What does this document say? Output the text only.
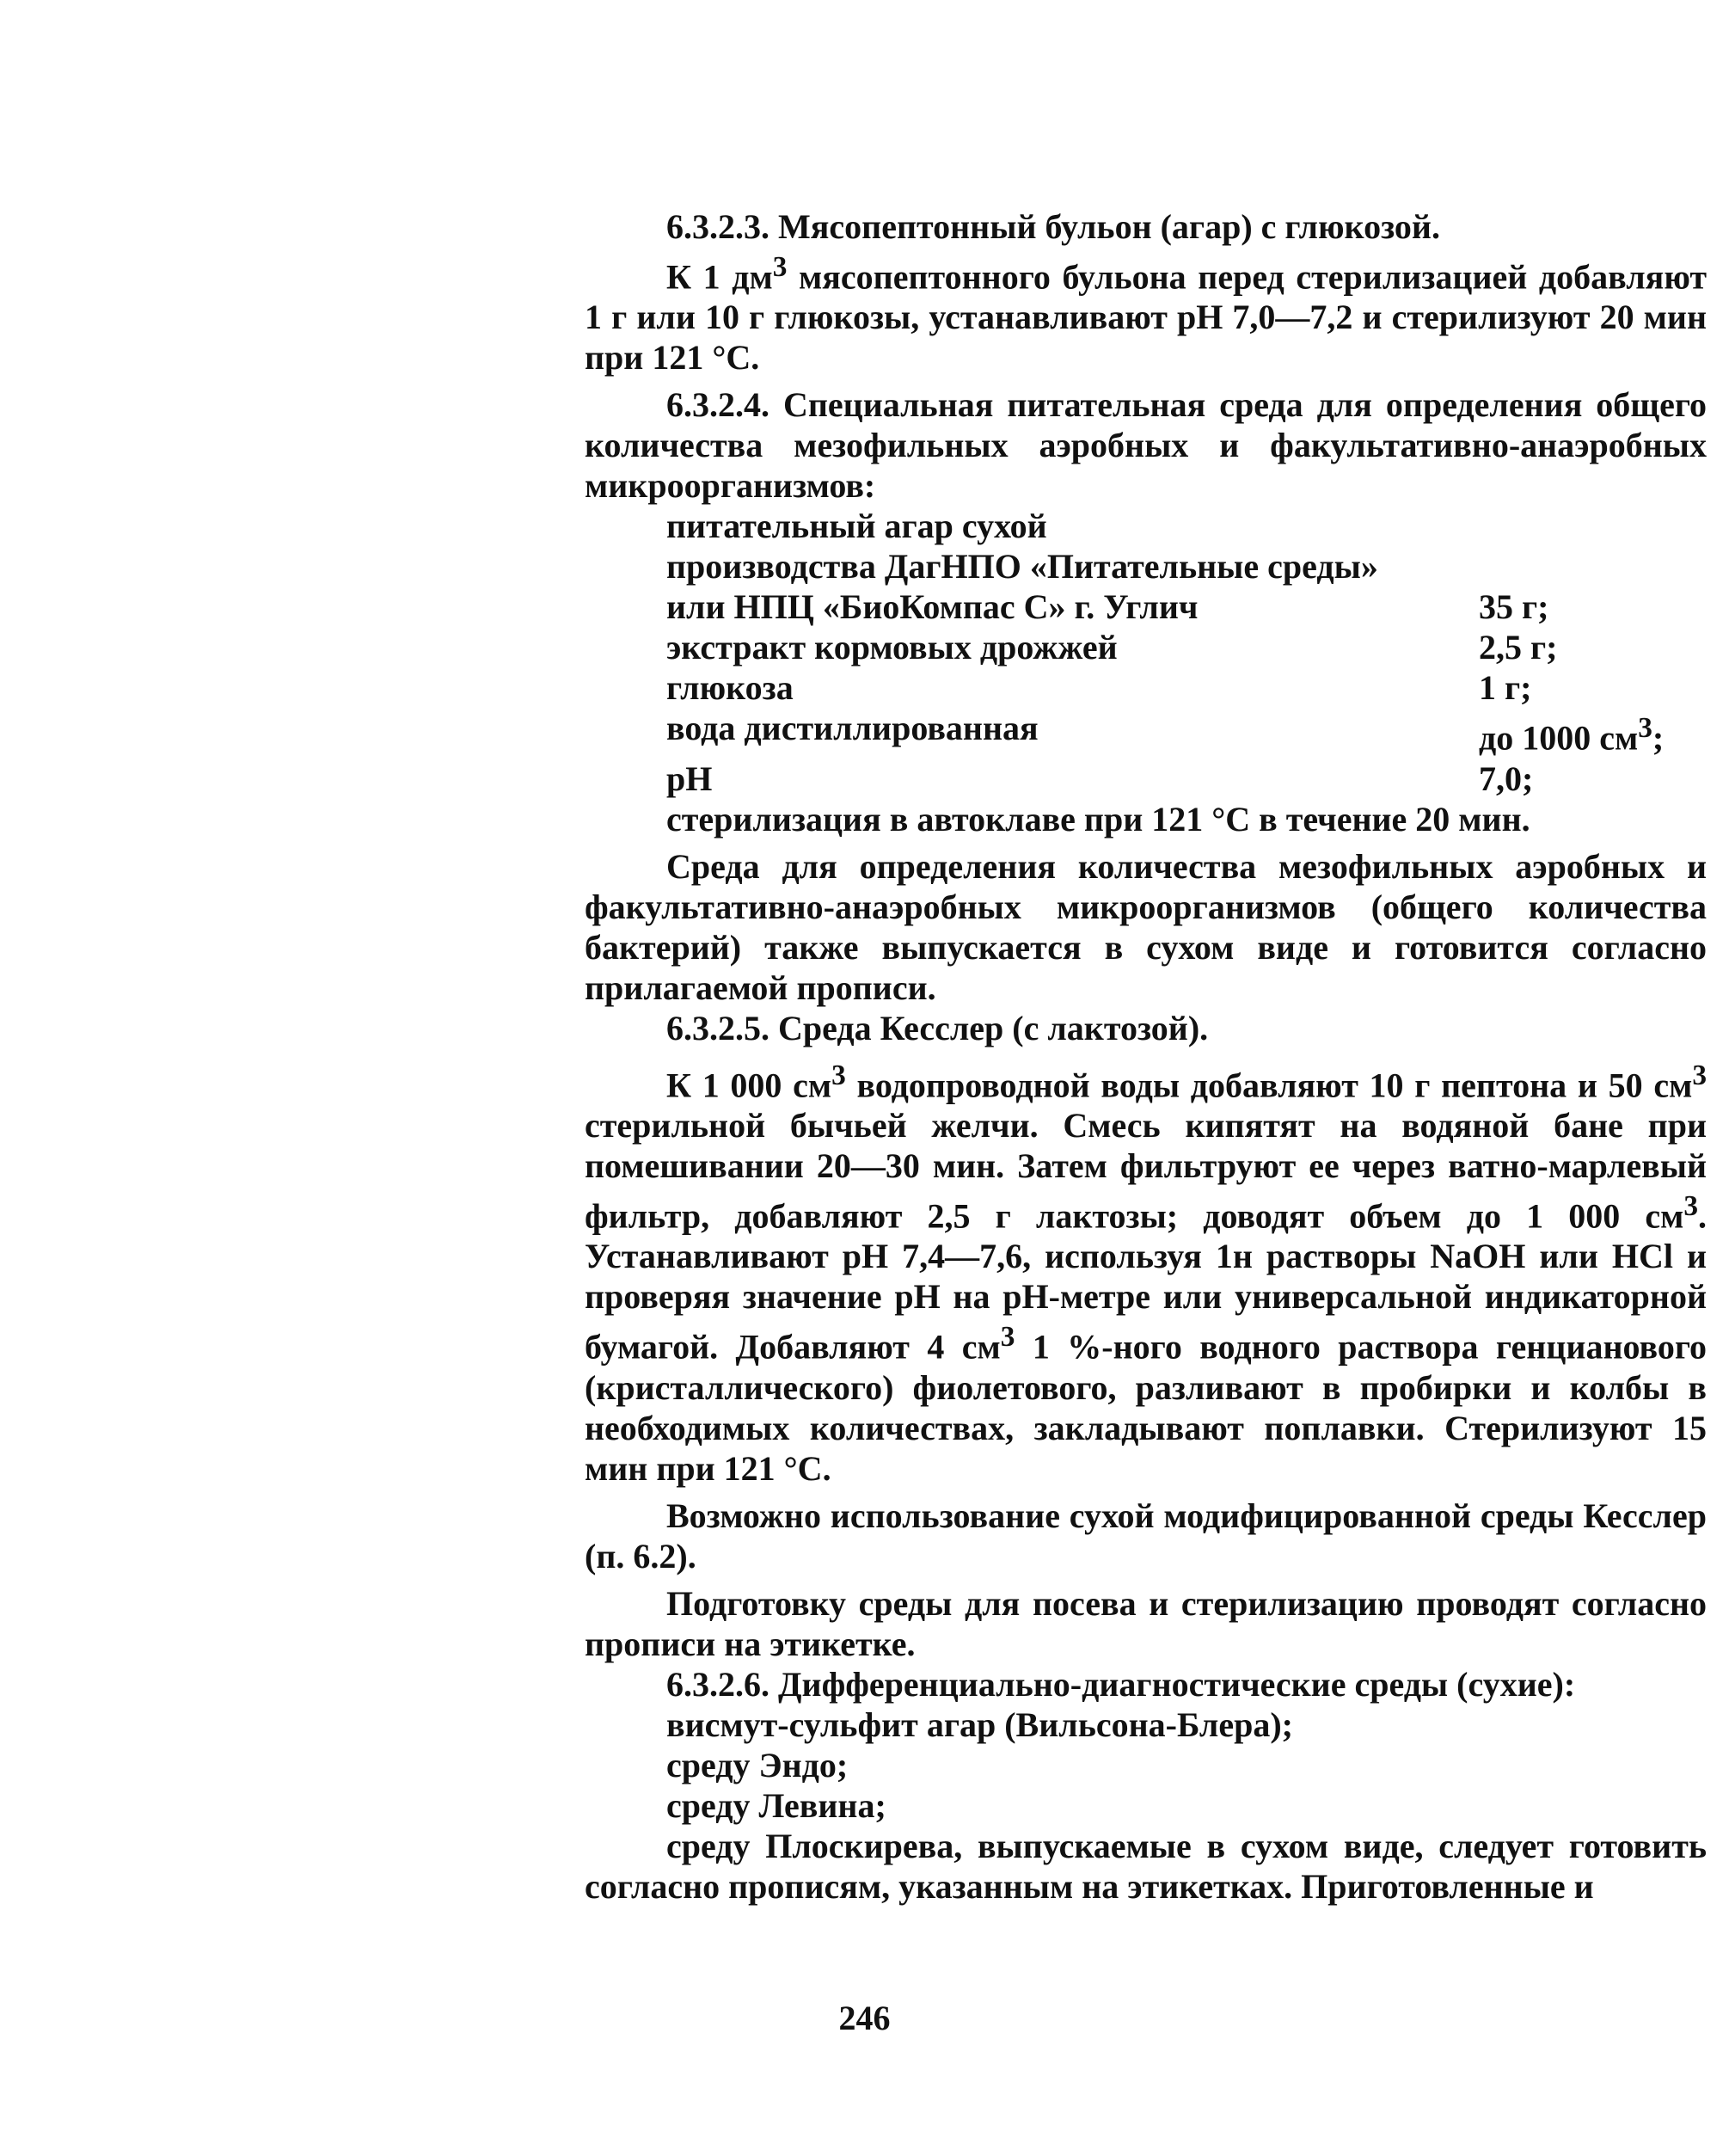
6.3.2.3. Мясопептонный бульон (агар) с глюкозой.

К 1 $дм^3$ мясопептонного бульона перед стерилизацией добавляют 1 г или 10 г глюкозы, устанавливают рН 7,0—7,2 и стерилизуют 20 мин при 121 °С.

6.3.2.4. Специальная питательная среда для определения общего количества мезофильных аэробных и факультативно-анаэробных микроорганизмов:

питательный агар сухой
производства ДагНПО «Питательные среды»
или НПЦ «БиоКомпас С» г. Углич	35 г;
экстракт кормовых дрожжей	2,5 г;
глюкоза	1 г;
вода дистиллированная	до 1000 $см^3$;
рН	7,0;
стерилизация в автоклаве при 121 °С в течение 20 мин.

Среда для определения количества мезофильных аэробных и факультативно-анаэробных микроорганизмов (общего количества бактерий) также выпускается в сухом виде и готовится согласно прилагаемой прописи.

6.3.2.5. Среда Кесслер (с лактозой).

К 1 000 $см^3$ водопроводной воды добавляют 10 г пептона и 50 $см^3$ стерильной бычьей желчи. Смесь кипятят на водяной бане при помешивании 20—30 мин. Затем фильтруют ее через ватно-марлевый фильтр, добавляют 2,5 г лактозы; доводят объем до 1 000 $см^3$. Устанавливают рН 7,4—7,6, используя 1н растворы NaOH или HCl и проверяя значение рН на рН-метре или универсальной индикаторной бумагой. Добавляют 4 $см^3$ 1 %-ного водного раствора генцианового (кристаллического) фиолетового, разливают в пробирки и колбы в необходимых количествах, закладывают поплавки. Стерилизуют 15 мин при 121 °С.

Возможно использование сухой модифицированной среды Кесслер (п. 6.2).

Подготовку среды для посева и стерилизацию проводят согласно прописи на этикетке.

6.3.2.6. Дифференциально-диагностические среды (сухие):

висмут-сульфит агар (Вильсона-Блера);

среду Эндо;

среду Левина;

среду Плоскирева, выпускаемые в сухом виде, следует готовить согласно прописям, указанным на этикетках. Приготовленные и

246
